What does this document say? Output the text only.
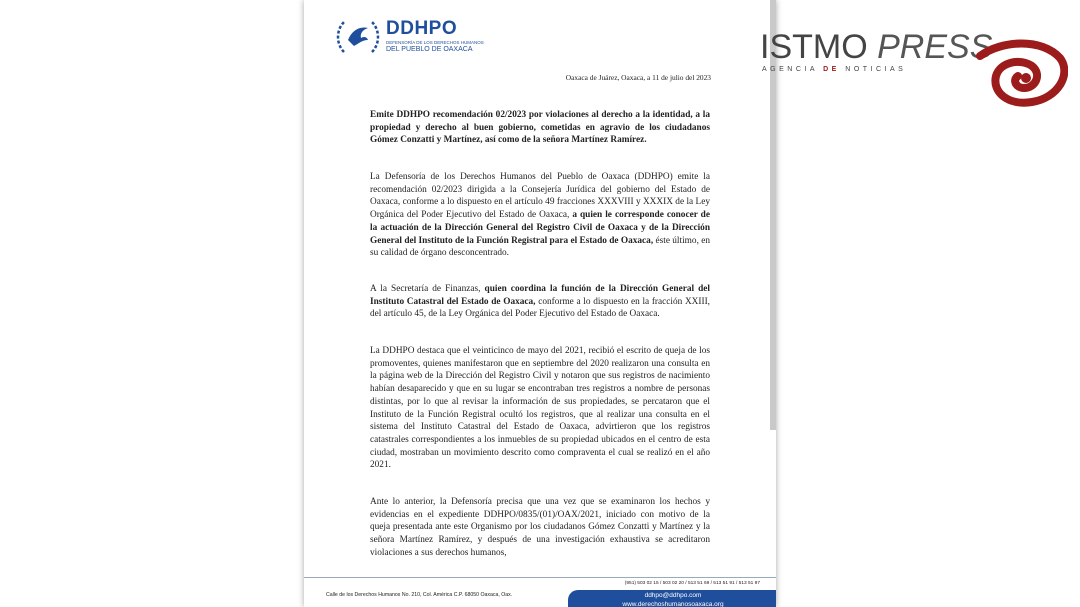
DDHPO
DEFENSORÍA DE LOS DERECHOS HUMANOS
DEL PUEBLO DE OAXACA
Oaxaca de Juárez, Oaxaca, a 11 de julio del 2023
Emite DDHPO recomendación 02/2023 por violaciones al derecho a la identidad, a la propiedad y derecho al buen gobierno, cometidas en agravio de los ciudadanos Gómez Conzatti y Martínez, así como de la señora Martínez Ramírez.
La Defensoría de los Derechos Humanos del Pueblo de Oaxaca (DDHPO) emite la recomendación 02/2023 dirigida a la Consejería Jurídica del gobierno del Estado de Oaxaca, conforme a lo dispuesto en el artículo 49 fracciones XXXVIII y XXXIX de la Ley Orgánica del Poder Ejecutivo del Estado de Oaxaca, a quien le corresponde conocer de la actuación de la Dirección General del Registro Civil de Oaxaca y de la Dirección General del Instituto de la Función Registral para el Estado de Oaxaca, éste último, en su calidad de órgano desconcentrado.
A la Secretaría de Finanzas, quien coordina la función de la Dirección General del Instituto Catastral del Estado de Oaxaca, conforme a lo dispuesto en la fracción XXIII, del artículo 45, de la Ley Orgánica del Poder Ejecutivo del Estado de Oaxaca.
La DDHPO destaca que el veinticinco de mayo del 2021, recibió el escrito de queja de los promoventes, quienes manifestaron que en septiembre del 2020 realizaron una consulta en la página web de la Dirección del Registro Civil y notaron que sus registros de nacimiento habían desaparecido y que en su lugar se encontraban tres registros a nombre de personas distintas, por lo que al revisar la información de sus propiedades, se percataron que el Instituto de la Función Registral ocultó los registros, que al realizar una consulta en el sistema del Instituto Catastral del Estado de Oaxaca, advirtieron que los registros catastrales correspondientes a los inmuebles de su propiedad ubicados en el centro de esta ciudad, mostraban un movimiento descrito como compraventa el cual se realizó en el año 2021.
Ante lo anterior, la Defensoría precisa que una vez que se examinaron los hechos y evidencias en el expediente DDHPO/0835/(01)/OAX/2021, iniciado con motivo de la queja presentada ante este Organismo por los ciudadanos Gómez Conzatti y Martínez y la señora Martínez Ramírez, y después de una investigación exhaustiva se acreditaron violaciones a sus derechos humanos,
(951) 503 02 15 / 503 02 20 / 513 51 69 / 513 51 91 / 513 51 97
Calle de los Derechos Humanos No. 210, Col. América C.P. 68050 Oaxaca, Oax.	ddhpo@ddhpo.com
www.derechoshumanosoaxaca.org
ISTMO PRESS
AGENCIA DE NOTICIAS
